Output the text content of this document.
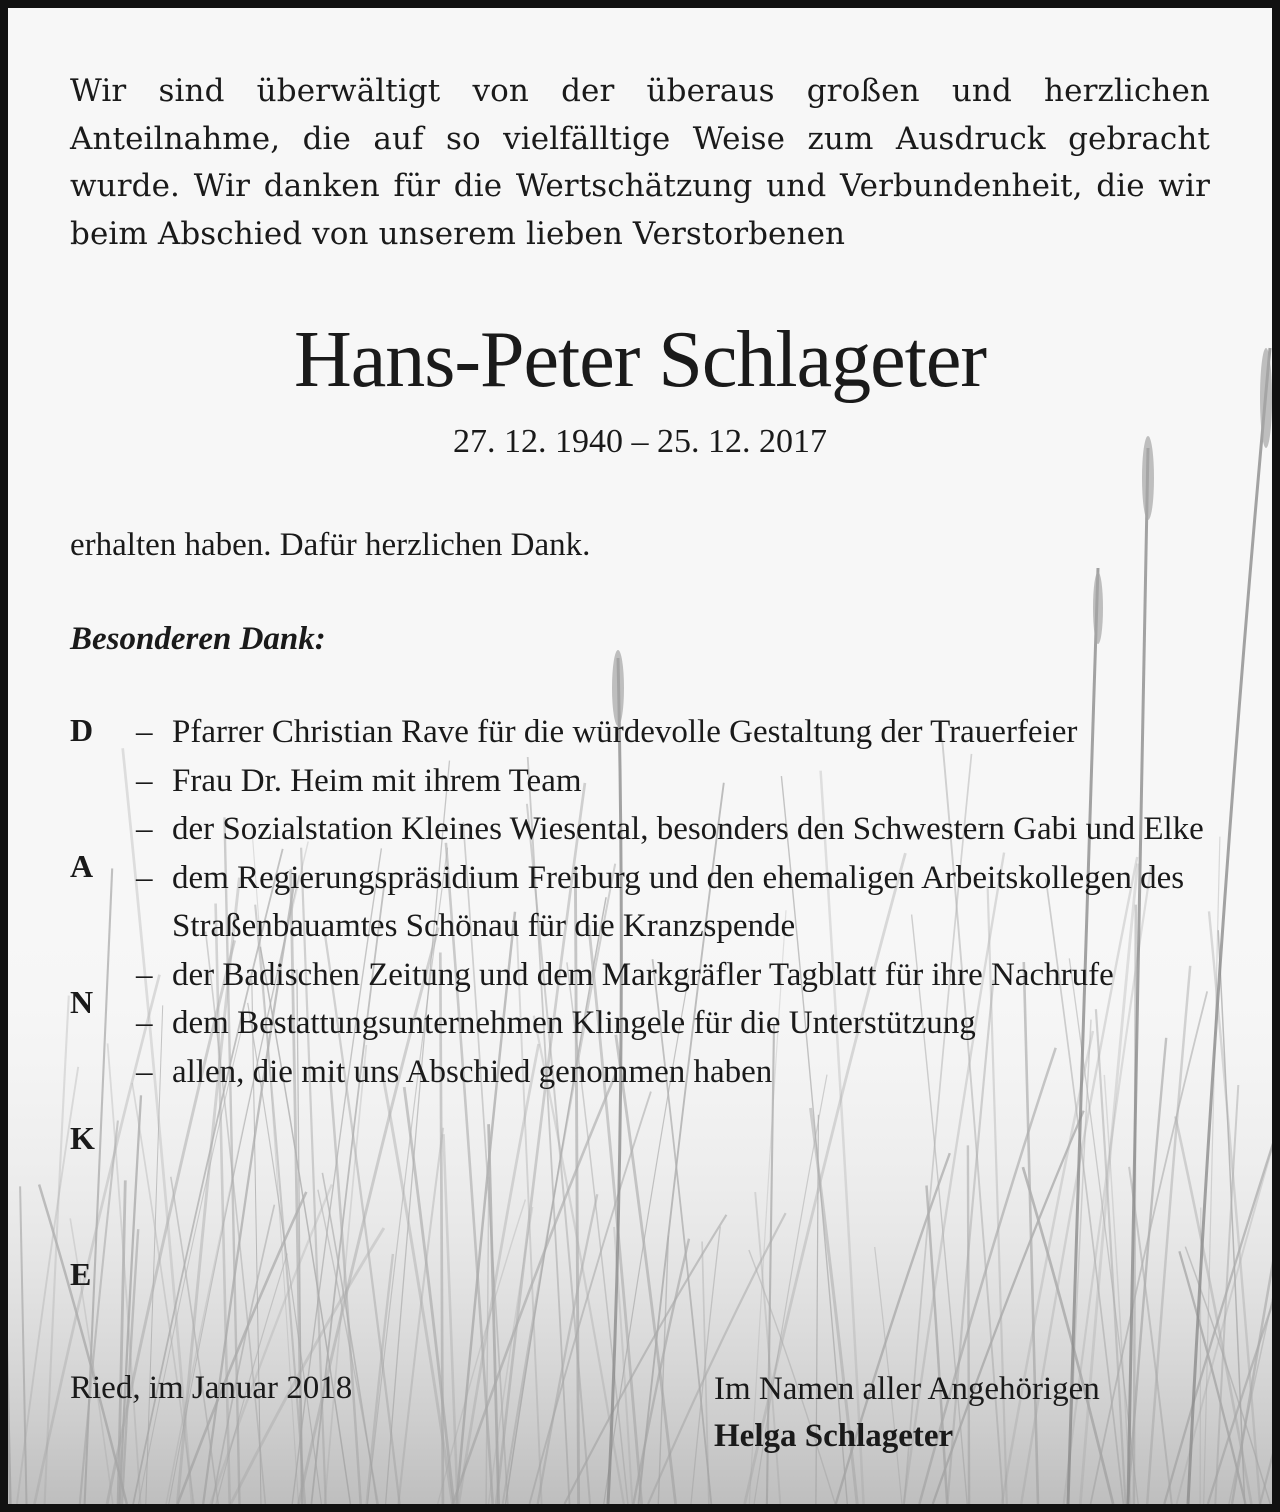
Wir sind überwältigt von der überaus großen und herzlichen Anteilnahme, die auf so vielfälltige Weise zum Ausdruck gebracht wurde. Wir danken für die Wertschätzung und Verbundenheit, die wir beim Abschied von unserem lieben Verstorbenen
Hans-Peter Schlageter
27. 12. 1940 – 25. 12. 2017
erhalten haben. Dafür herzlichen Dank.
Besonderen Dank:
D
A
N
K
E
– Pfarrer Christian Rave für die würdevolle Gestaltung der Trauerfeier
– Frau Dr. Heim mit ihrem Team
– der Sozialstation Kleines Wiesental, besonders den Schwestern Gabi und Elke
– dem Regierungspräsidium Freiburg und den ehemaligen Arbeitskollegen des Straßenbauamtes Schönau für die Kranzspende
– der Badischen Zeitung und dem Markgräfler Tagblatt für ihre Nachrufe
– dem Bestattungsunternehmen Klingele für die Unterstützung
– allen, die mit uns Abschied genommen haben
Ried, im Januar 2018	Im Namen aller Angehörigen
Helga Schlageter
